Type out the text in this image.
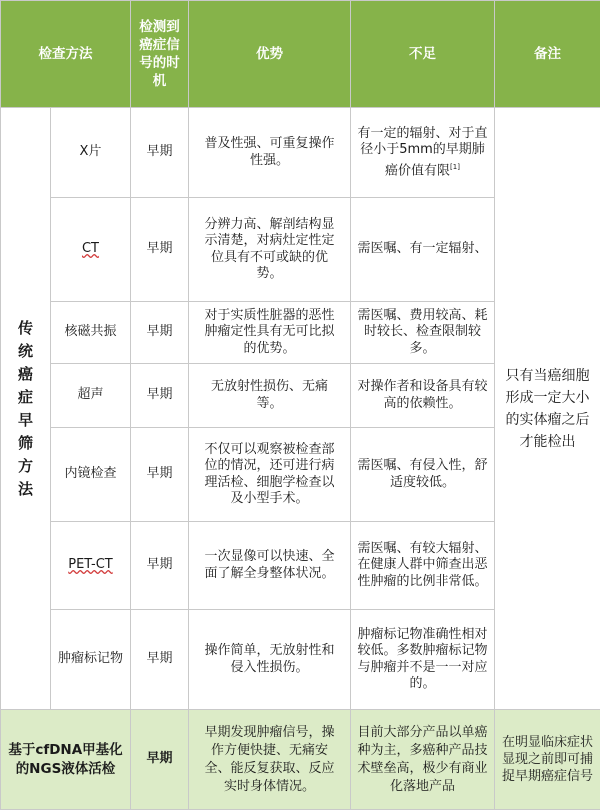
检查方法		检测到癌症信号的时机	优势	不足	备注
传统癌症早筛方法	X片	早期	普及性强、可重复操作性强。	有一定的辐射、对于直径小于5mm的早期肺癌价值有限[1]	只有当癌细胞形成一定大小的实体瘤之后才能检出
	CT	早期	分辨力高、解剖结构显示清楚，对病灶定性定位具有不可或缺的优势。	需医嘱、有一定辐射、	
	核磁共振	早期	对于实质性脏器的恶性肿瘤定性具有无可比拟的优势。	需医嘱、费用较高、耗时较长、检查限制较多。	
	超声	早期	无放射性损伤、无痛等。	对操作者和设备具有较高的依赖性。	
	内镜检查	早期	不仅可以观察被检查部位的情况，还可进行病理活检、细胞学检查以及小型手术。	需医嘱、有侵入性，舒适度较低。	
	PET-CT	早期	一次显像可以快速、全面了解全身整体状况。	需医嘱、有较大辐射、在健康人群中筛查出恶性肿瘤的比例非常低。	
	肿瘤标记物	早期	操作简单，无放射性和侵入性损伤。	肿瘤标记物准确性相对较低。多数肿瘤标记物与肿瘤并不是一一对应的。	
基于cfDNA甲基化的NGS液体活检		早期	早期发现肿瘤信号，操作方便快捷、无痛安全、能反复获取、反应实时身体情况。	目前大部分产品以单癌种为主，多癌种产品技术壁垒高，极少有商业化落地产品	在明显临床症状显现之前即可捕捉早期癌症信号
